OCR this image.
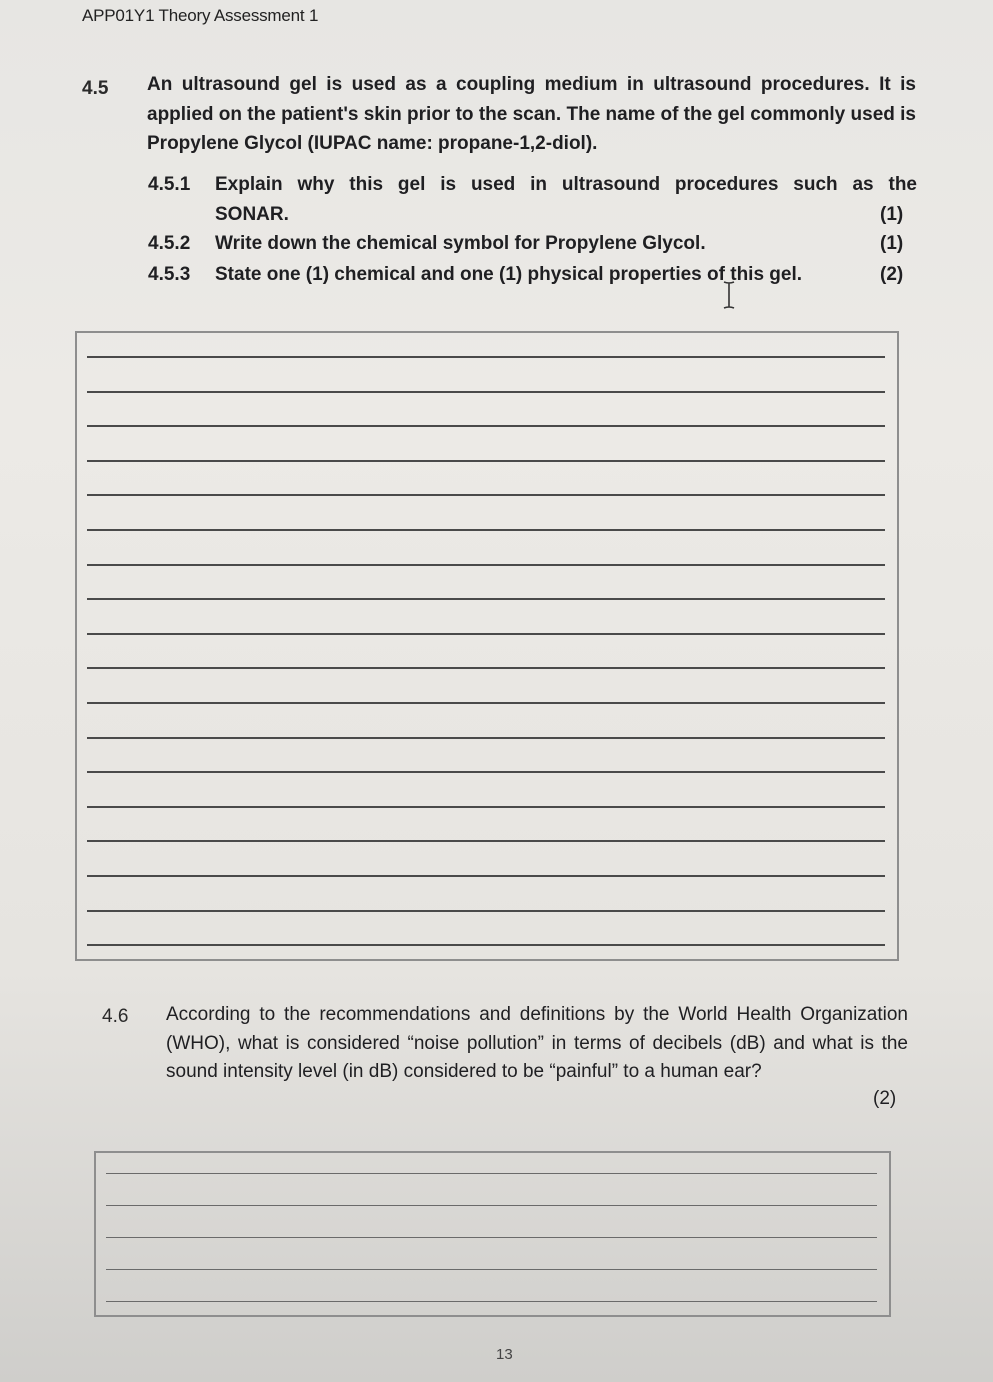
APP01Y1 Theory Assessment 1
4.5 An ultrasound gel is used as a coupling medium in ultrasound procedures. It is applied on the patient's skin prior to the scan. The name of the gel commonly used is Propylene Glycol (IUPAC name: propane-1,2-diol).
4.5.1 Explain why this gel is used in ultrasound procedures such as the
SONAR.	(1)
4.5.2 Write down the chemical symbol for Propylene Glycol.	(1)
4.5.3 State one (1) chemical and one (1) physical properties of this gel.	(2)
4.6 According to the recommendations and definitions by the World Health Organization (WHO), what is considered “noise pollution” in terms of decibels (dB) and what is the sound intensity level (in dB) considered to be “painful” to a human ear?
(2)
13
